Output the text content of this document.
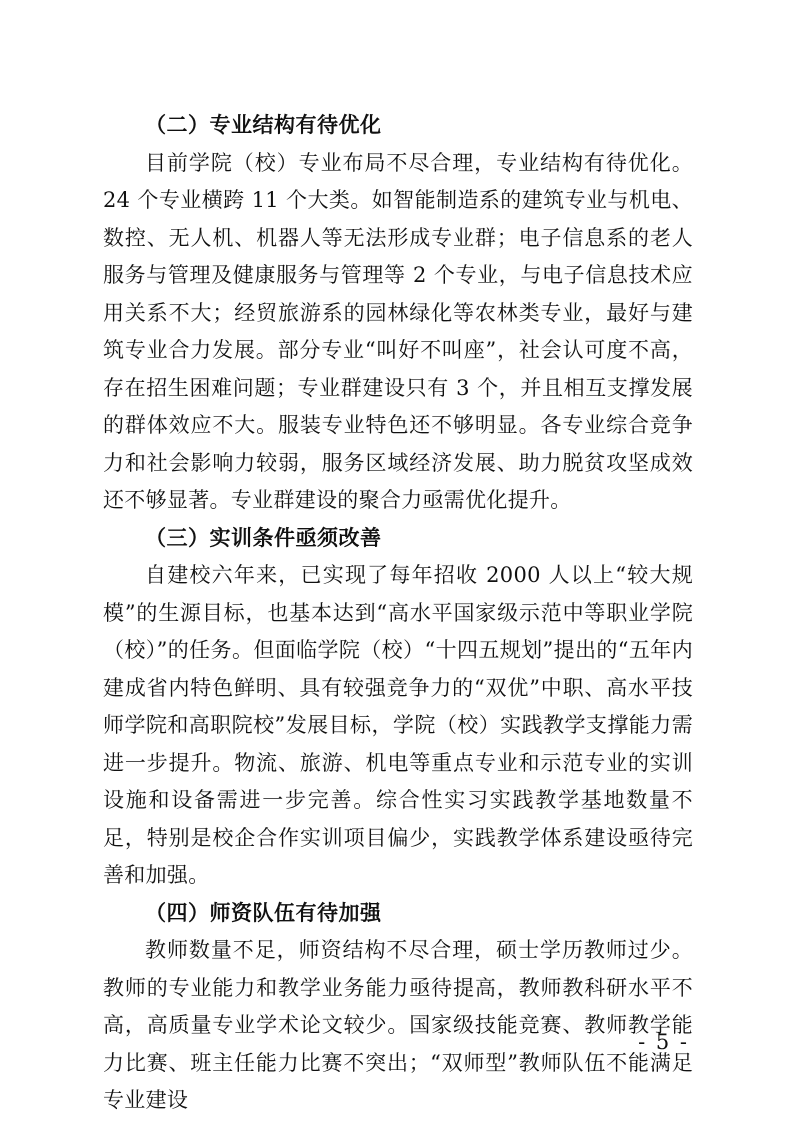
（二）专业结构有待优化

目前学院（校）专业布局不尽合理，专业结构有待优化。24 个专业横跨 11 个大类。如智能制造系的建筑专业与机电、数控、无人机、机器人等无法形成专业群；电子信息系的老人服务与管理及健康服务与管理等 2 个专业，与电子信息技术应用关系不大；经贸旅游系的园林绿化等农林类专业，最好与建筑专业合力发展。部分专业“叫好不叫座”，社会认可度不高，存在招生困难问题；专业群建设只有 3 个，并且相互支撑发展的群体效应不大。服装专业特色还不够明显。各专业综合竞争力和社会影响力较弱，服务区域经济发展、助力脱贫攻坚成效还不够显著。专业群建设的聚合力亟需优化提升。

（三）实训条件亟须改善

自建校六年来，已实现了每年招收 2000 人以上“较大规模”的生源目标，也基本达到“高水平国家级示范中等职业学院（校）”的任务。但面临学院（校）“十四五规划”提出的“五年内建成省内特色鲜明、具有较强竞争力的“双优”中职、高水平技师学院和高职院校”发展目标，学院（校）实践教学支撑能力需进一步提升。物流、旅游、机电等重点专业和示范专业的实训设施和设备需进一步完善。综合性实习实践教学基地数量不足，特别是校企合作实训项目偏少，实践教学体系建设亟待完善和加强。

（四）师资队伍有待加强

教师数量不足，师资结构不尽合理，硕士学历教师过少。教师的专业能力和教学业务能力亟待提高，教师教科研水平不高，高质量专业学术论文较少。国家级技能竞赛、教师教学能力比赛、班主任能力比赛不突出；“双师型”教师队伍不能满足专业建设

- 5 -
